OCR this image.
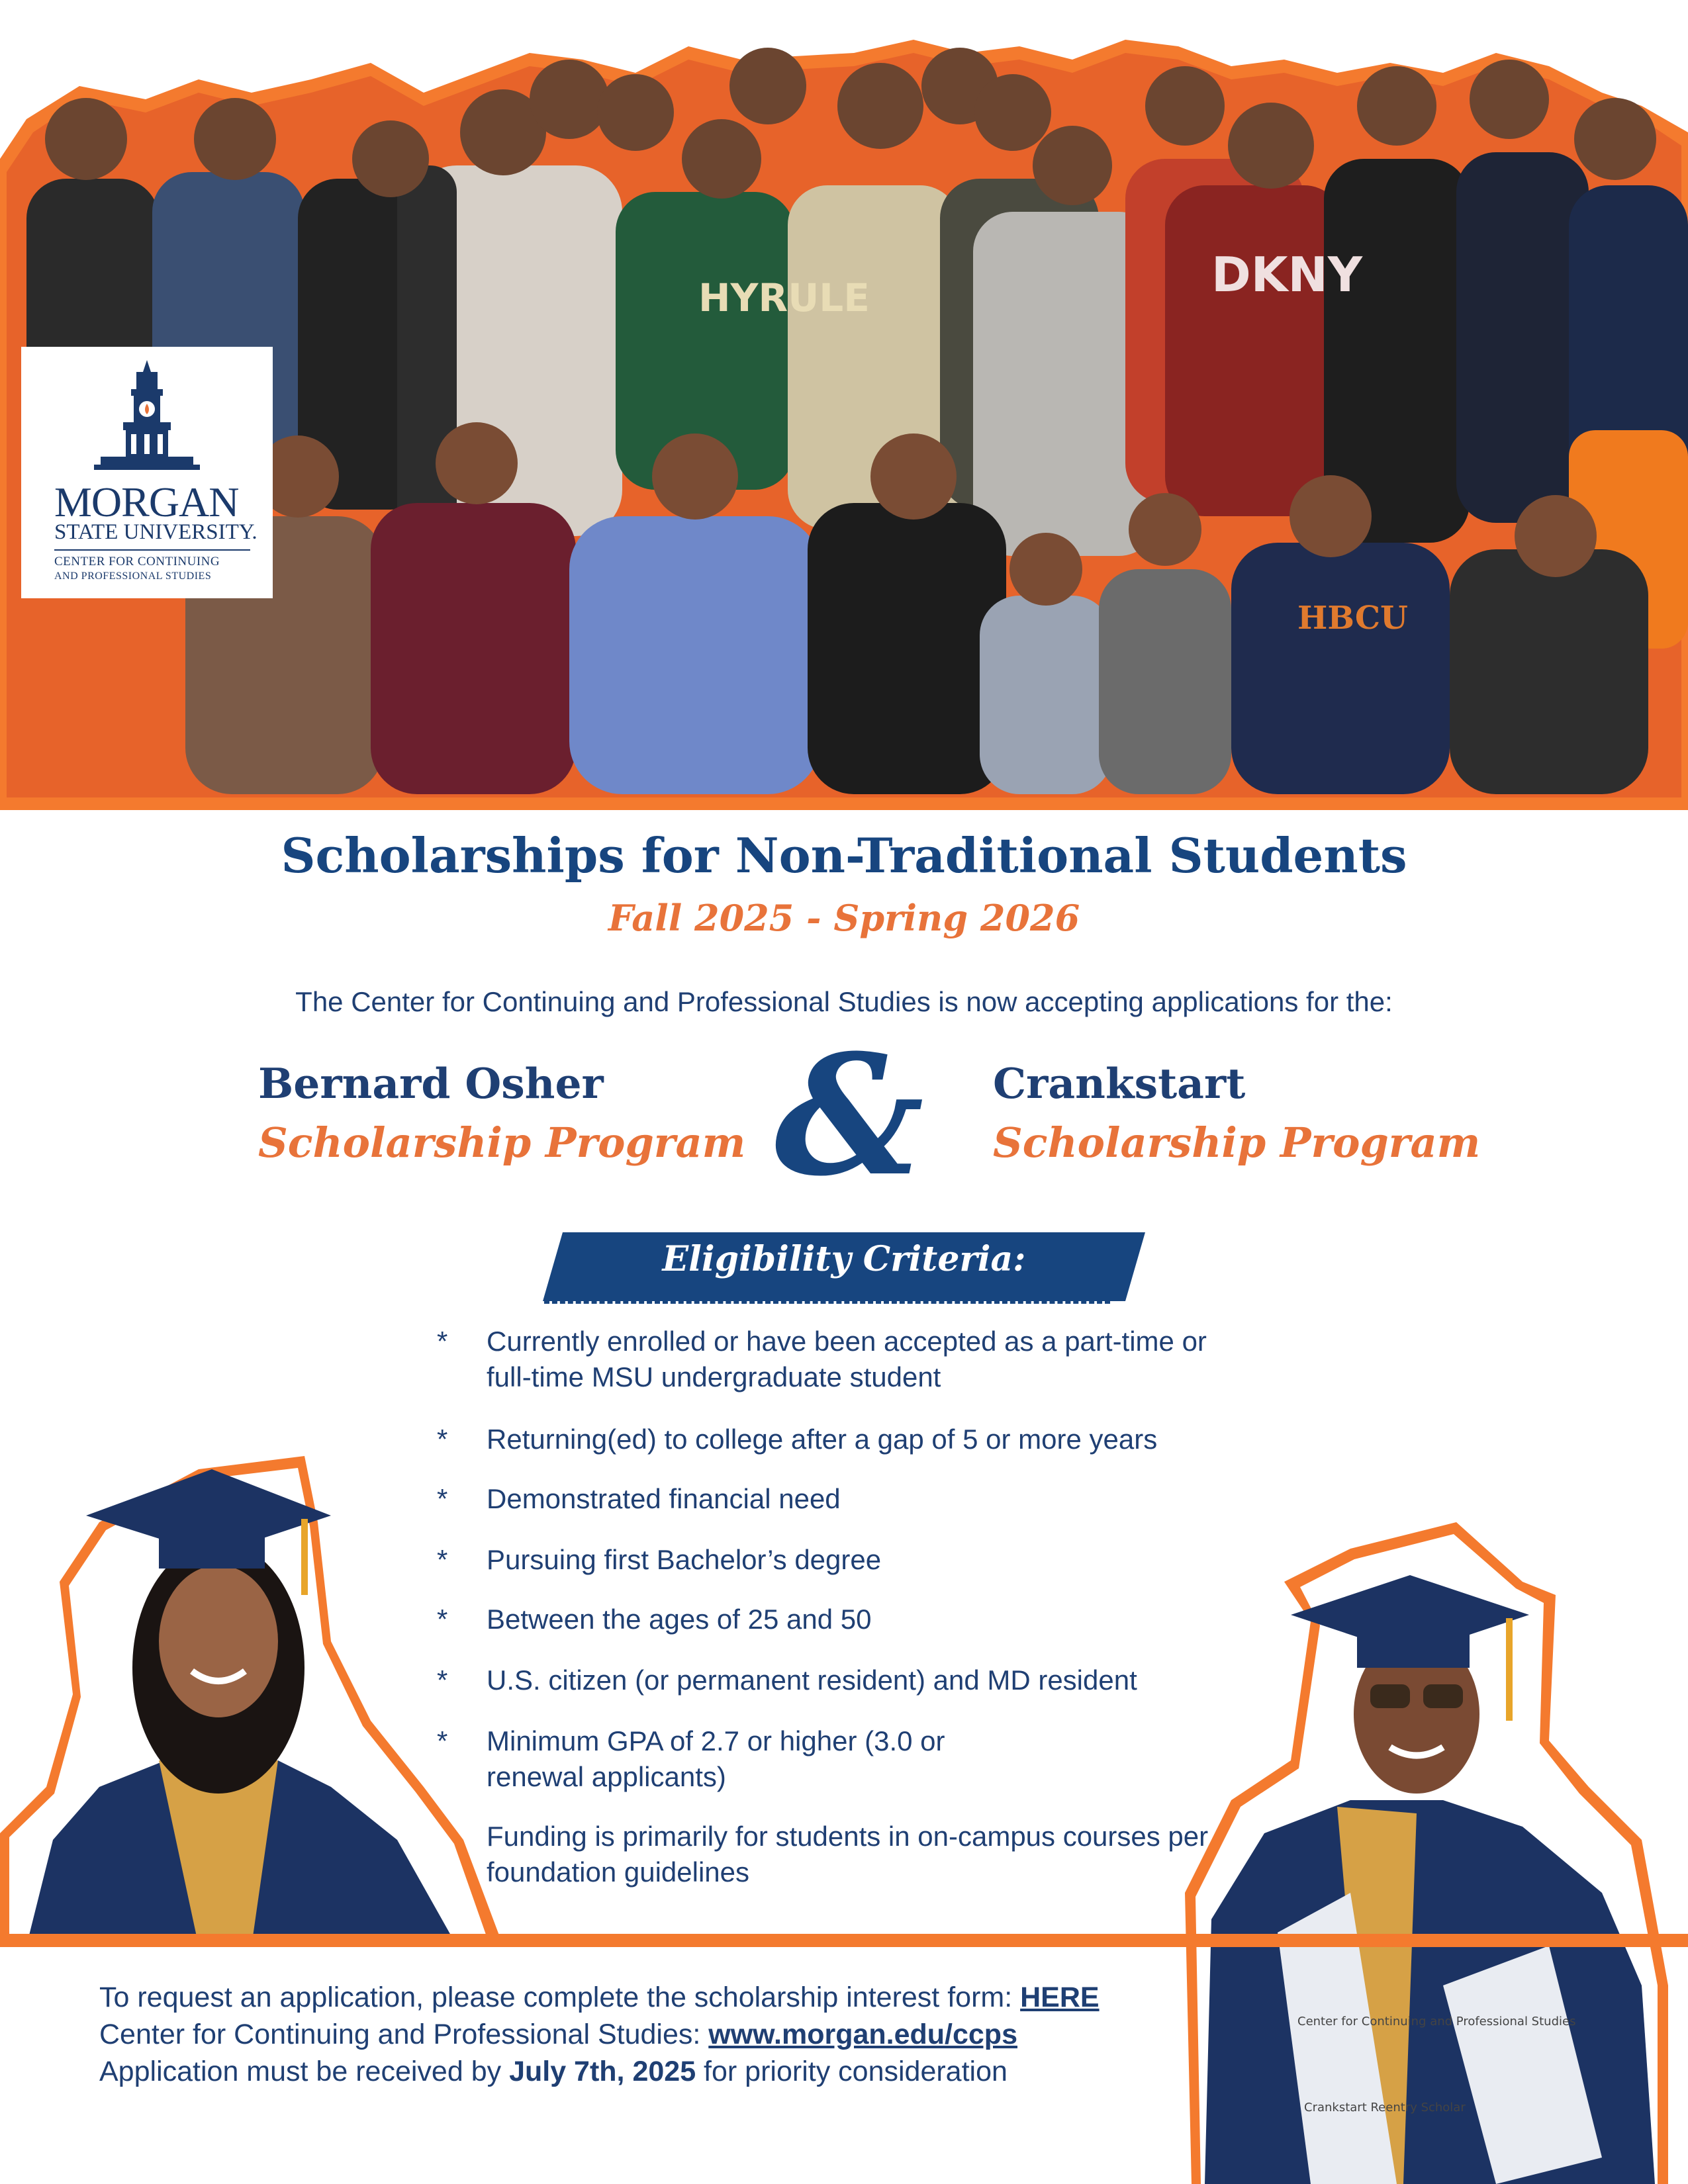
HYRULE	DKNY
HBCU
MORGAN
STATE UNIVERSITY.
CENTER FOR CONTINUING
AND PROFESSIONAL STUDIES
Scholarships for Non-Traditional Students
Fall 2025 - Spring 2026
The Center for Continuing and Professional Studies is now accepting applications for the:
Bernard Osher
Scholarship Program & Crankstart
Scholarship Program
Eligibility Criteria:
* Currently enrolled or have been accepted as a part-time or full-time MSU undergraduate student
* Returning(ed) to college after a gap of 5 or more years
* Demonstrated financial need
* Pursuing first Bachelor’s degree
* Between the ages of 25 and 50
* U.S. citizen (or permanent resident) and MD resident
* Minimum GPA of 2.7 or higher (3.0 or renewal applicants)
Funding is primarily for students in on-campus courses per foundation guidelines
Center for Continuing and Professional Studies
Crankstart Reentry Scholar
To request an application, please complete the scholarship interest form: HERE
Center for Continuing and Professional Studies: www.morgan.edu/ccps
Application must be received by July 7th, 2025 for priority consideration
